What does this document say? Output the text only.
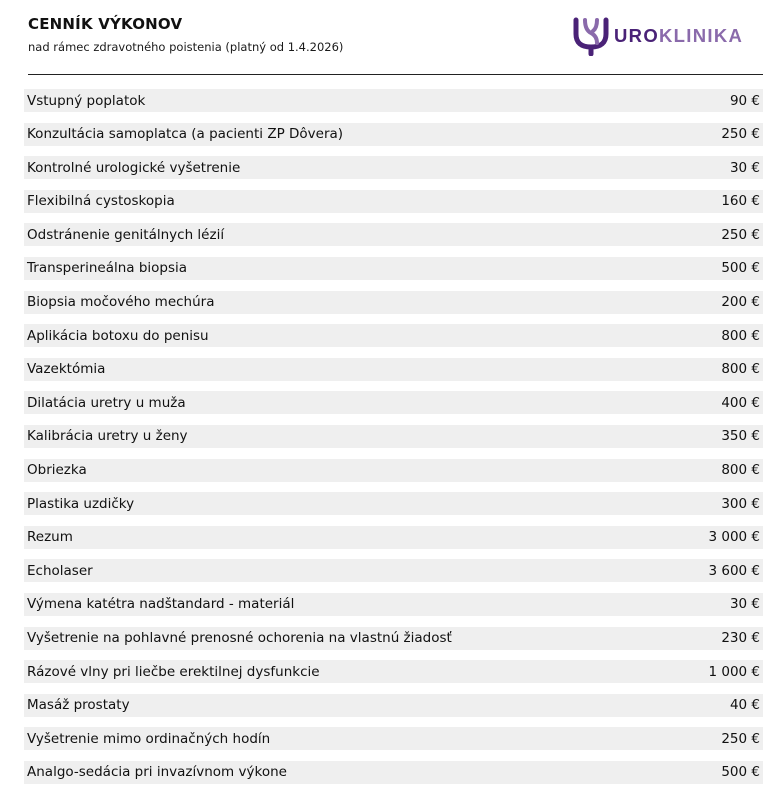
CENNÍK VÝKONOV
nad rámec zdravotného poistenia (platný od 1.4.2026)
UROKLINIKA
Vstupný poplatok	90 €
Konzultácia samoplatca (a pacienti ZP Dôvera)	250 €
Kontrolné urologické vyšetrenie	30 €
Flexibilná cystoskopia	160 €
Odstránenie genitálnych lézií	250 €
Transperineálna biopsia	500 €
Biopsia močového mechúra	200 €
Aplikácia botoxu do penisu	800 €
Vazektómia	800 €
Dilatácia uretry u muža	400 €
Kalibrácia uretry u ženy	350 €
Obriezka	800 €
Plastika uzdičky	300 €
Rezum	3 000 €
Echolaser	3 600 €
Výmena katétra nadštandard - materiál	30 €
Vyšetrenie na pohlavné prenosné ochorenia na vlastnú žiadosť	230 €
Rázové vlny pri liečbe erektilnej dysfunkcie	1 000 €
Masáž prostaty	40 €
Vyšetrenie mimo ordinačných hodín	250 €
Analgo-sedácia pri invazívnom výkone	500 €
